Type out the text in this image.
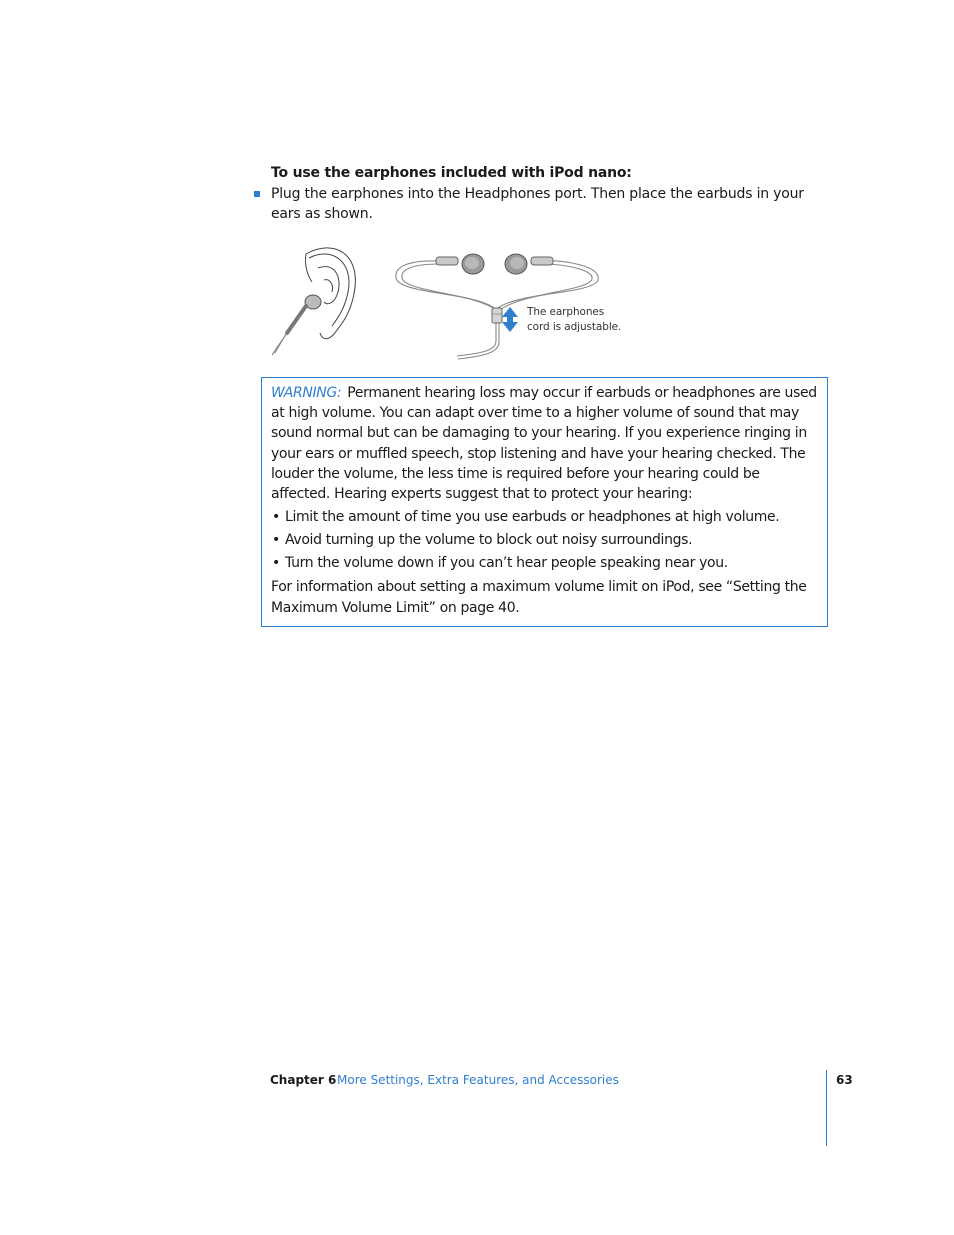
To use the earphones included with iPod nano:
Plug the earphones into the Headphones port. Then place the earbuds in your ears as shown.
The earphones
cord is adjustable.

WARNING: Permanent hearing loss may occur if earbuds or headphones are used at high volume. You can adapt over time to a higher volume of sound that may sound normal but can be damaging to your hearing. If you experience ringing in your ears or muffled speech, stop listening and have your hearing checked. The louder the volume, the less time is required before your hearing could be affected. Hearing experts suggest that to protect your hearing:

• Limit the amount of time you use earbuds or headphones at high volume.
• Avoid turning up the volume to block out noisy surroundings.
• Turn the volume down if you can’t hear people speaking near you.

For information about setting a maximum volume limit on iPod, see “Setting the Maximum Volume Limit” on page 40.

Chapter 6 More Settings, Extra Features, and Accessories	63
